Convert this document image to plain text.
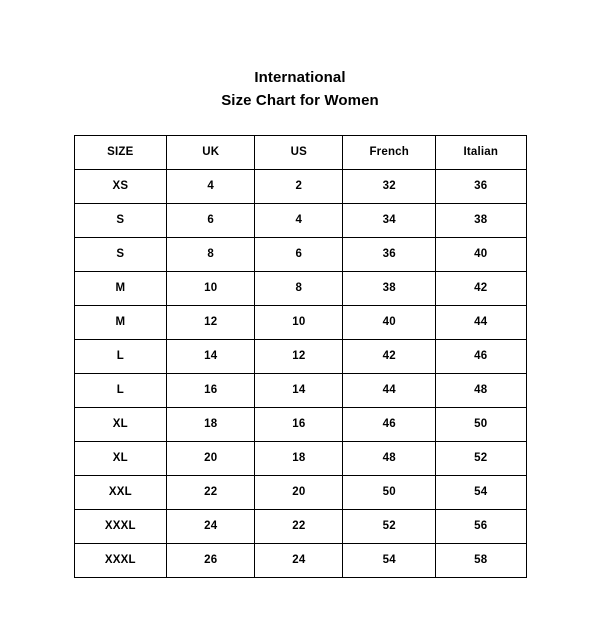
International
Size Chart for Women
SIZE	UK	US	French	Italian
XS	4	2	32	36
S	6	4	34	38
S	8	6	36	40
M	10	8	38	42
M	12	10	40	44
L	14	12	42	46
L	16	14	44	48
XL	18	16	46	50
XL	20	18	48	52
XXL	22	20	50	54
XXXL	24	22	52	56
XXXL	26	24	54	58
